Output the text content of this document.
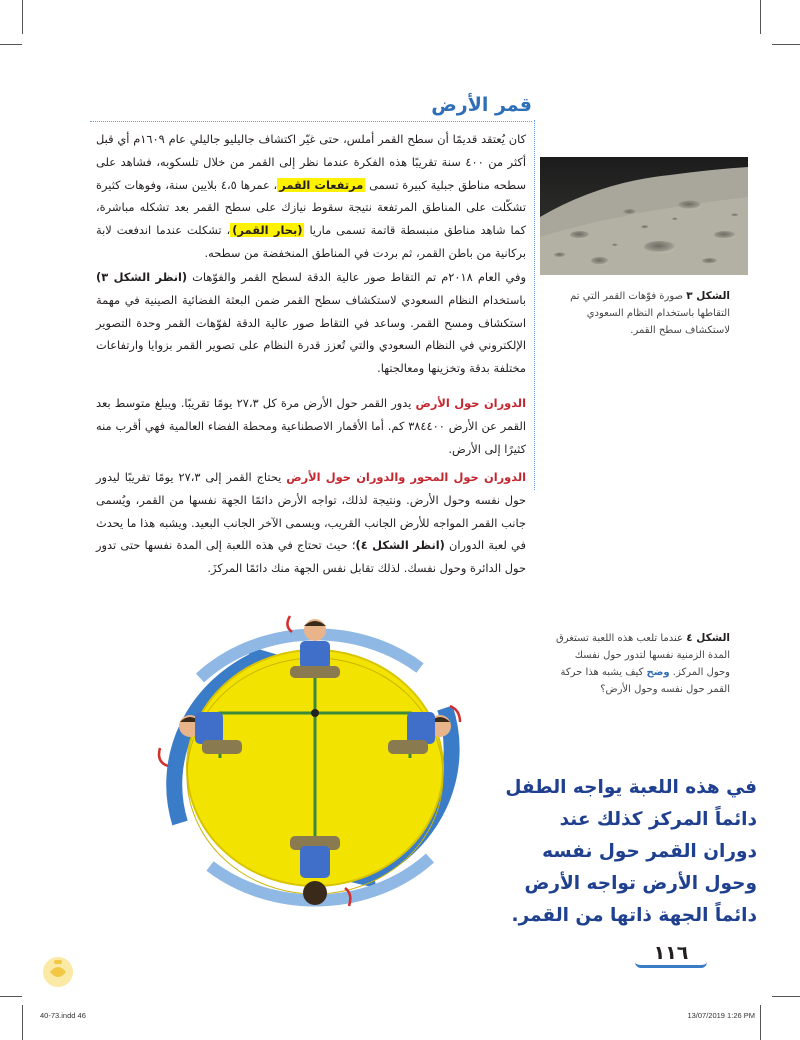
قمر الأرض

كان يُعتقد قديمًا أن سطح القمر أملس، حتى غيّر اكتشاف جاليليو جاليلي عام ١٦٠٩م أي قبل أكثر من ٤٠٠ سنة تقريبًا هذه الفكرة عندما نظر إلى القمر من خلال تلسكوبه، فشاهد على سطحه مناطق جبلية كبيرة تسمى مرتفعات القمر، عمرها ٤،٥ بلايين سنة، وفوهات كثيرة تشكّلت على المناطق المرتفعة نتيجة سقوط نيازك على سطح القمر بعد تشكله مباشرة، كما شاهد مناطق منبسطة قاتمة تسمى ماريا (بحار القمر)، تشكلت عندما اندفعت لابة بركانية من باطن القمر، ثم بردت في المناطق المنخفضة من سطحه.

وفي العام ٢٠١٨م تم التقاط صور عالية الدقة لسطح القمر والفوّهات (انظر الشكل ٣) باستخدام النظام السعودي لاستكشاف سطح القمر ضمن البعثة الفضائية الصينية في مهمة استكشاف ومسح القمر. وساعد في التقاط صور عالية الدقة لفوّهات القمر وحدة التصوير الإلكتروني في النظام السعودي والتي تُعزز قدرة النظام على تصوير القمر بزوايا وارتفاعات مختلفة بدقة وتخزينها ومعالجتها.

الدوران حول الأرض يدور القمر حول الأرض مرة كل ٢٧،٣ يومًا تقريبًا. ويبلغ متوسط بعد القمر عن الأرض ٣٨٤٤٠٠ كم. أما الأقمار الاصطناعية ومحطة الفضاء العالمية فهي أقرب منه كثيرًا إلى الأرض.

الدوران حول المحور والدوران حول الأرض يحتاج القمر إلى ٢٧،٣ يومًا تقريبًا ليدور حول نفسه وحول الأرض. ونتيجة لذلك، تواجه الأرض دائمًا الجهة نفسها من القمر، ويُسمى جانب القمر المواجه للأرض الجانب القريب، ويسمى الآخر الجانب البعيد. ويشبه هذا ما يحدث في لعبة الدوران (انظر الشكل ٤)؛ حيث تحتاج في هذه اللعبة إلى المدة نفسها حتى تدور حول الدائرة وحول نفسك. لذلك تقابل نفس الجهة منك دائمًا المركزَ.

الشكل ٣ صورة فوّهات القمر التي تم التقاطها باستخدام النظام السعودي لاستكشاف سطح القمر.
الشكل ٤ عندما تلعب هذه اللعبة تستغرق المدة الزمنية نفسها لتدور حول نفسك وحول المركز. وضح كيف يشبه هذا حركة القمر حول نفسه وحول الأرض؟
في هذه اللعبة يواجه الطفل دائماً المركز كذلك عند دوران القمر حول نفسه وحول الأرض تواجه الأرض دائماً الجهة ذاتها من القمر.
١١٦
40-73.indd 46	13/07/2019 1:26 PM
